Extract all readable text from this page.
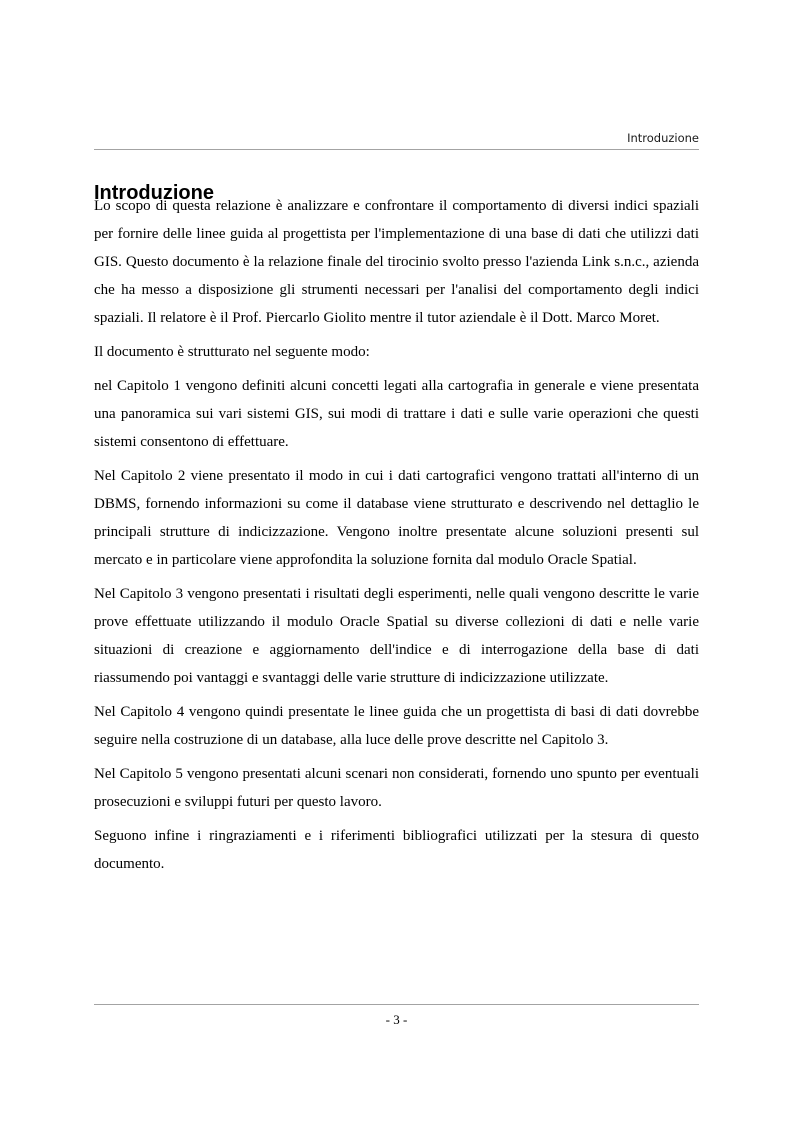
Introduzione
Introduzione

Lo scopo di questa relazione è analizzare e confrontare il comportamento di diversi indici spaziali per fornire delle linee guida al progettista per l'implementazione di una base di dati che utilizzi dati GIS. Questo documento è la relazione finale del tirocinio svolto presso l'azienda Link s.n.c., azienda che ha messo a disposizione gli strumenti necessari per l'analisi del comportamento degli indici spaziali. Il relatore è il Prof. Piercarlo Giolito mentre il tutor aziendale è il Dott. Marco Moret.

Il documento è strutturato nel seguente modo:

nel Capitolo 1 vengono definiti alcuni concetti legati alla cartografia in generale e viene presentata una panoramica sui vari sistemi GIS, sui modi di trattare i dati e sulle varie operazioni che questi sistemi consentono di effettuare.

Nel Capitolo 2 viene presentato il modo in cui i dati cartografici vengono trattati all'interno di un DBMS, fornendo informazioni su come il database viene strutturato e descrivendo nel dettaglio le principali strutture di indicizzazione. Vengono inoltre presentate alcune soluzioni presenti sul mercato e in particolare viene approfondita la soluzione fornita dal modulo Oracle Spatial.

Nel Capitolo 3 vengono presentati i risultati degli esperimenti, nelle quali vengono descritte le varie prove effettuate utilizzando il modulo Oracle Spatial su diverse collezioni di dati e nelle varie situazioni di creazione e aggiornamento dell'indice e di interrogazione della base di dati riassumendo poi vantaggi e svantaggi delle varie strutture di indicizzazione utilizzate.

Nel Capitolo 4 vengono quindi presentate le linee guida che un progettista di basi di dati dovrebbe seguire nella costruzione di un database, alla luce delle prove descritte nel Capitolo 3.

Nel Capitolo 5 vengono presentati alcuni scenari non considerati, fornendo uno spunto per eventuali prosecuzioni e sviluppi futuri per questo lavoro.

Seguono infine i ringraziamenti e i riferimenti bibliografici utilizzati per la stesura di questo documento.

- 3 -
